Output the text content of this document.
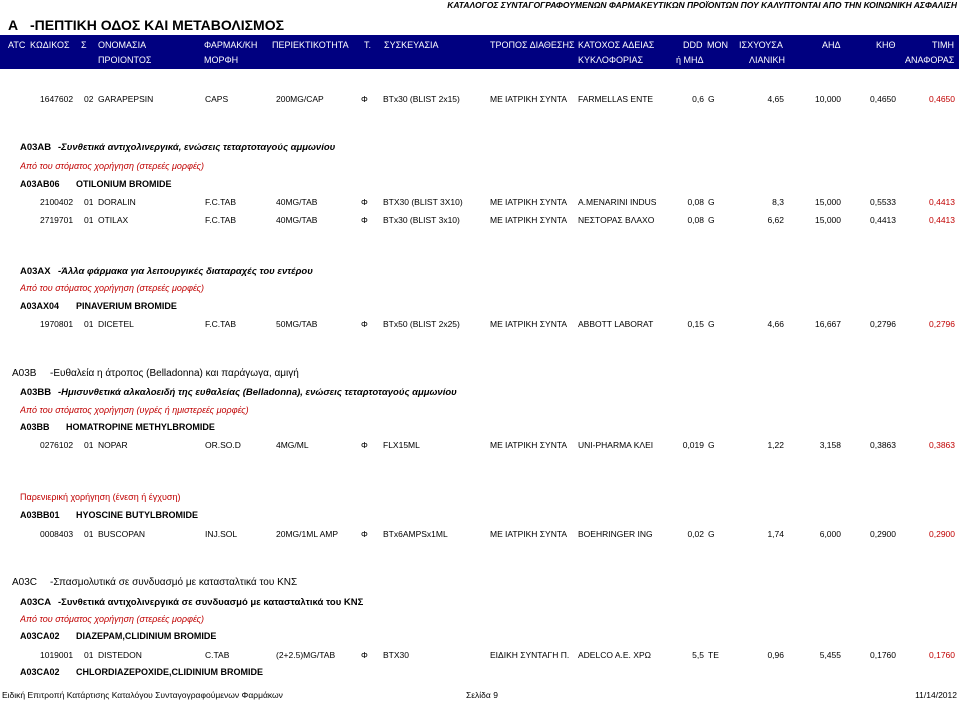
ΚΑΤΑΛΟΓΟΣ ΣΥΝΤΑΓΟΓΡΑΦΟΥΜΕΝΩΝ ΦΑΡΜΑΚΕΥΤΙΚΩΝ ΠΡΟΪΟΝΤΩΝ ΠΟΥ ΚΑΛΥΠΤΟΝΤΑΙ ΑΠΟ ΤΗΝ ΚΟΙΝΩΝΙΚΗ ΑΣΦΑΛΙΣΗ
A -ΠΕΠΤΙΚΗ ΟΔΟΣ ΚΑΙ ΜΕΤΑΒΟΛΙΣΜΟΣ
ATC ΚΩΔΙΚΟΣ Σ ΟΝΟΜΑΣΙΑ	ΦΑΡΜΑΚ/ΚΗ ΠΕΡΙΕΚΤΙΚΟΤΗΤΑ Τ. ΣΥΣΚΕΥΑΣΙΑ	ΤΡΟΠΟΣ ΔΙΑΘΕΣΗΣ ΚΑΤΟΧΟΣ ΑΔΕΙΑΣ	DDD ΜΟΝ ΙΣΧΥΟΥΣΑ	ΑΗΔ	ΚΗΘ	ΤΙΜΗ
ΠΡΟΙΟΝΤΟΣ	ΜΟΡΦΗ	ΚΥΚΛΟΦΟΡΙΑΣ	ή ΜΗΔ	ΛΙΑΝΙΚΗ	ΑΝΑΦΟΡΑΣ
1647602 02 GARAPEPSIN	CAPS	200MG/CAP	Φ BTx30 (BLIST 2x15)	ΜΕ ΙΑΤΡΙΚΗ ΣΥΝΤΑ	FARMELLAS ENTE	0,6 G	4,65	10,000	0,4650	0,4650
A03AB -Συνθετικά αντιχολινεργικά, ενώσεις τεταρτοταγούς αμμωνίου
Από του στόματος χορήγηση (στερεές μορφές)
A03AB06 OTILONIUM BROMIDE
2100402 01 DORALIN	F.C.TAB	40MG/TAB	Φ BTX30 (BLIST 3X10)	ΜΕ ΙΑΤΡΙΚΗ ΣΥΝΤΑ	A.MENARINI INDUS	0,08 G	8,3	15,000	0,5533	0,4413
2719701 01 OTILAX	F.C.TAB	40MG/TAB	Φ BTx30 (BLIST 3x10)	ΜΕ ΙΑΤΡΙΚΗ ΣΥΝΤΑ	ΝΕΣΤΟΡΑΣ ΒΛΑΧΟ	0,08 G	6,62	15,000	0,4413	0,4413
A03AX -Άλλα φάρμακα για λειτουργικές διαταραχές του εντέρου
Από του στόματος χορήγηση (στερεές μορφές)
A03AX04 PINAVERIUM BROMIDE
1970801 01 DICETEL	F.C.TAB	50MG/TAB	Φ BTx50 (BLIST 2x25)	ΜΕ ΙΑΤΡΙΚΗ ΣΥΝΤΑ	ABBOTT LABORAT	0,15 G	4,66	16,667	0,2796	0,2796
A03B -Ευθαλεία η άτροπος (Belladonna) και παράγωγα, αμιγή
A03BB -Ημισυνθετικά αλκαλοειδή της ευθαλείας (Belladonna), ενώσεις τεταρτοταγούς αμμωνίου
Από του στόματος χορήγηση (υγρές ή ημιστερεές μορφές)
A03BB HOMATROPINE METHYLBROMIDE
0276102 01 NOPAR	OR.SO.D	4MG/ML	Φ FLX15ML	ΜΕ ΙΑΤΡΙΚΗ ΣΥΝΤΑ	UNI-PHARMA ΚΛΕΙ	0,019 G	1,22	3,158	0,3863	0,3863
Παρενιερική χορήγηση (ένεση ή έγχυση)
A03BB01 HYOSCINE BUTYLBROMIDE
0008403 01 BUSCOPAN	INJ.SOL	20MG/1ML AMP	Φ BTx6AMPSx1ML	ΜΕ ΙΑΤΡΙΚΗ ΣΥΝΤΑ	BOEHRINGER ING	0,02 G	1,74	6,000	0,2900	0,2900
A03C -Σπασμολυτικά σε συνδυασμό με κατασταλτικά του ΚΝΣ
A03CA -Συνθετικά αντιχολινεργικά σε συνδυασμό με κατασταλτικά του ΚΝΣ
Από του στόματος χορήγηση (στερεές μορφές)
A03CA02 DIAZEPAM,CLIDINIUM BROMIDE
1019001 01 DISTEDON	C.TAB	(2+2.5)MG/TAB	Φ BTX30	ΕΙΔΙΚΗ ΣΥΝΤΑΓΗ Π.	ADELCO A.E. ΧΡΩ	5,5 TE	0,96	5,455	0,1760	0,1760
A03CA02 CHLORDIAZEPOXIDE,CLIDINIUM BROMIDE
Ειδική Επιτροπή Κατάρτισης Καταλόγου Συνταγογραφούμενων Φαρμάκων	Σελίδα 9	11/14/2012
